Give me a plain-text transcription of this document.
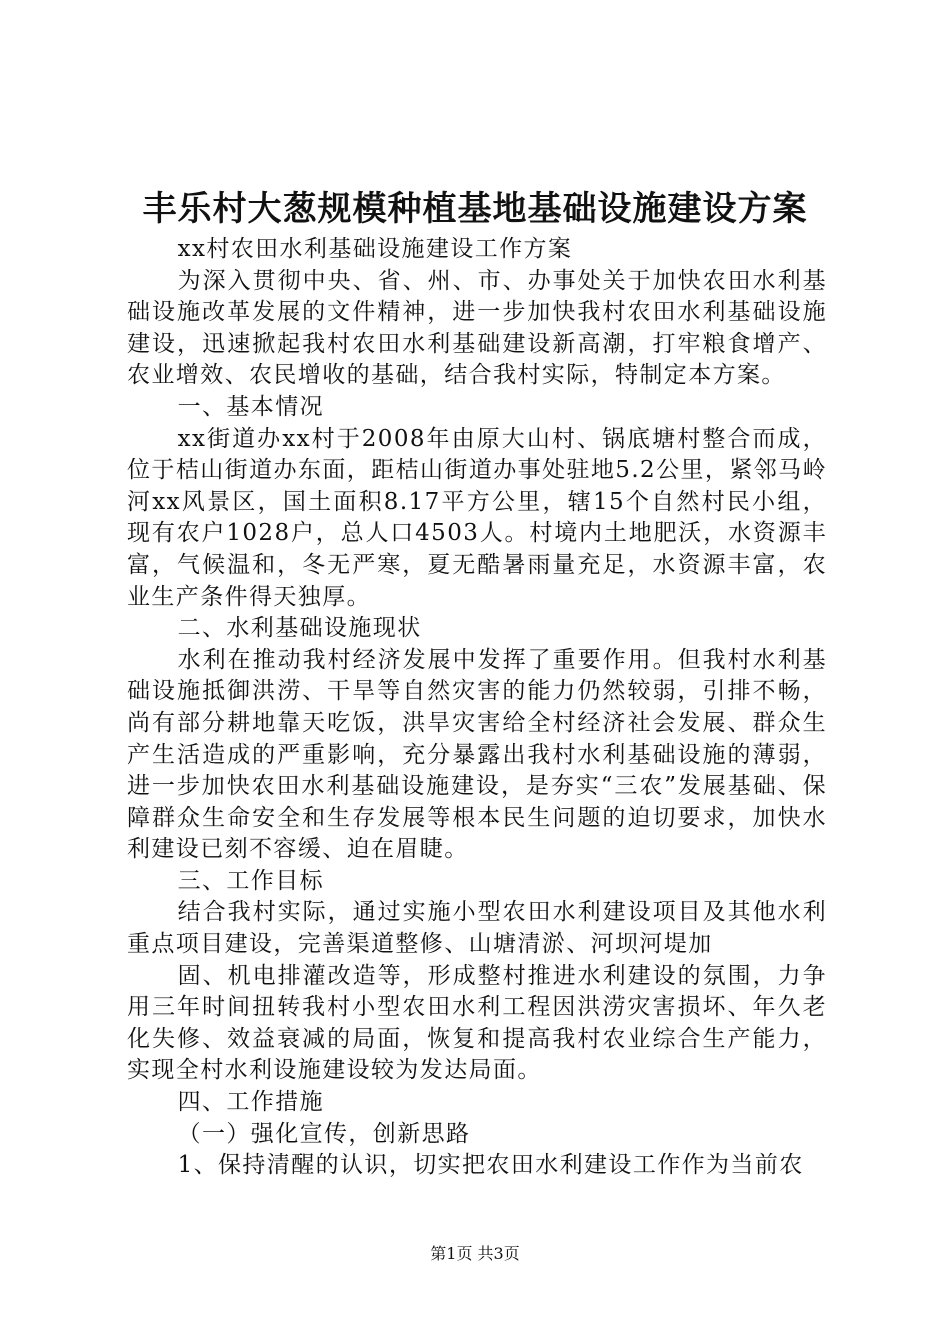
丰乐村大葱规模种植基地基础设施建设方案

xx村农田水利基础设施建设工作方案

为深入贯彻中央、省、州、市、办事处关于加快农田水利基础设施改革发展的文件精神，进一步加快我村农田水利基础设施建设，迅速掀起我村农田水利基础建设新高潮，打牢粮食增产、农业增效、农民增收的基础，结合我村实际，特制定本方案。

一、基本情况

xx街道办xx村于2008年由原大山村、锅底塘村整合而成，位于桔山街道办东面，距桔山街道办事处驻地5.2公里，紧邻马岭河xx风景区，国土面积8.17平方公里，辖15个自然村民小组，现有农户1028户，总人口4503人。村境内土地肥沃，水资源丰富，气候温和，冬无严寒，夏无酷暑雨量充足，水资源丰富，农业生产条件得天独厚。

二、水利基础设施现状

水利在推动我村经济发展中发挥了重要作用。但我村水利基础设施抵御洪涝、干旱等自然灾害的能力仍然较弱，引排不畅，尚有部分耕地靠天吃饭，洪旱灾害给全村经济社会发展、群众生产生活造成的严重影响，充分暴露出我村水利基础设施的薄弱，进一步加快农田水利基础设施建设，是夯实“三农”发展基础、保障群众生命安全和生存发展等根本民生问题的迫切要求，加快水利建设已刻不容缓、迫在眉睫。

三、工作目标

结合我村实际，通过实施小型农田水利建设项目及其他水利重点项目建设，完善渠道整修、山塘清淤、河坝河堤加

固、机电排灌改造等，形成整村推进水利建设的氛围，力争用三年时间扭转我村小型农田水利工程因洪涝灾害损坏、年久老化失修、效益衰减的局面，恢复和提高我村农业综合生产能力，实现全村水利设施建设较为发达局面。

四、工作措施

（一）强化宣传，创新思路

1、保持清醒的认识，切实把农田水利建设工作作为当前农

第1页 共3页
